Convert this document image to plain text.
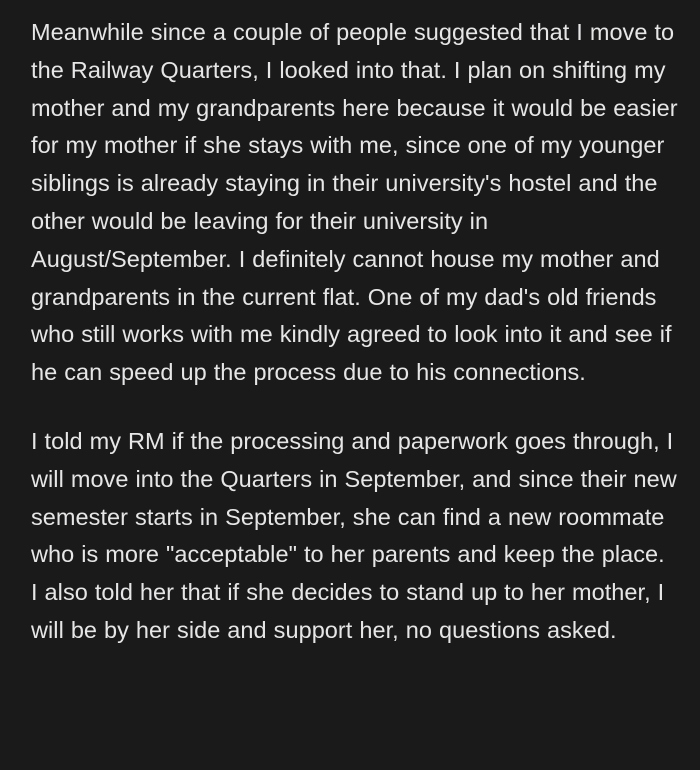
Meanwhile since a couple of people suggested that I move to the Railway Quarters, I looked into that. I plan on shifting my mother and my grandparents here because it would be easier for my mother if she stays with me, since one of my younger siblings is already staying in their university's hostel and the other would be leaving for their university in August/September. I definitely cannot house my mother and grandparents in the current flat. One of my dad's old friends who still works with me kindly agreed to look into it and see if he can speed up the process due to his connections.

I told my RM if the processing and paperwork goes through, I will move into the Quarters in September, and since their new semester starts in September, she can find a new roommate who is more "acceptable" to her parents and keep the place. I also told her that if she decides to stand up to her mother, I will be by her side and support her, no questions asked.
